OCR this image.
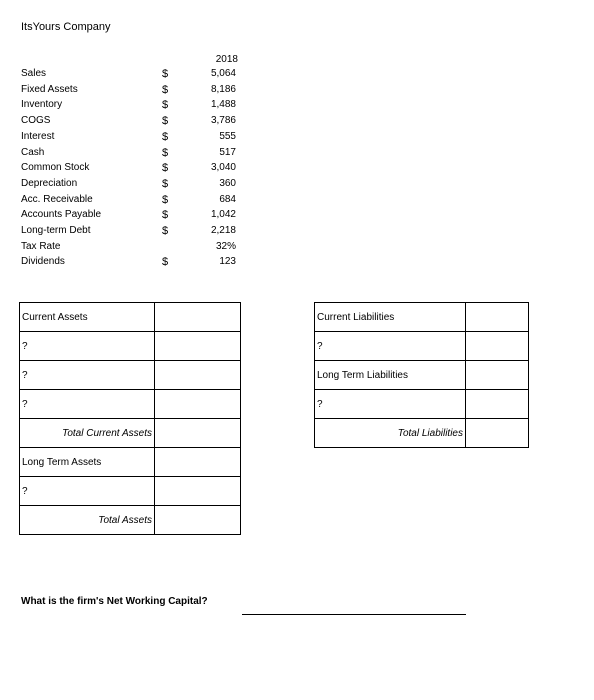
ItsYours Company
2018
Sales	$	5,064
Fixed Assets	$	8,186
Inventory	$	1,488
COGS	$	3,786
Interest	$	555
Cash	$	517
Common Stock	$	3,040
Depreciation	$	360
Acc. Receivable	$	684
Accounts Payable	$	1,042
Long-term Debt	$	2,218
Tax Rate	32%
Dividends	$	123
Current Assets	
?	
?	
?	
Total Current Assets	
Long Term Assets	
?	
Total Assets	
Current Liabilities	
?	
Long Term Liabilities	
?	
Total Liabilities	
What is the firm's Net Working Capital?
